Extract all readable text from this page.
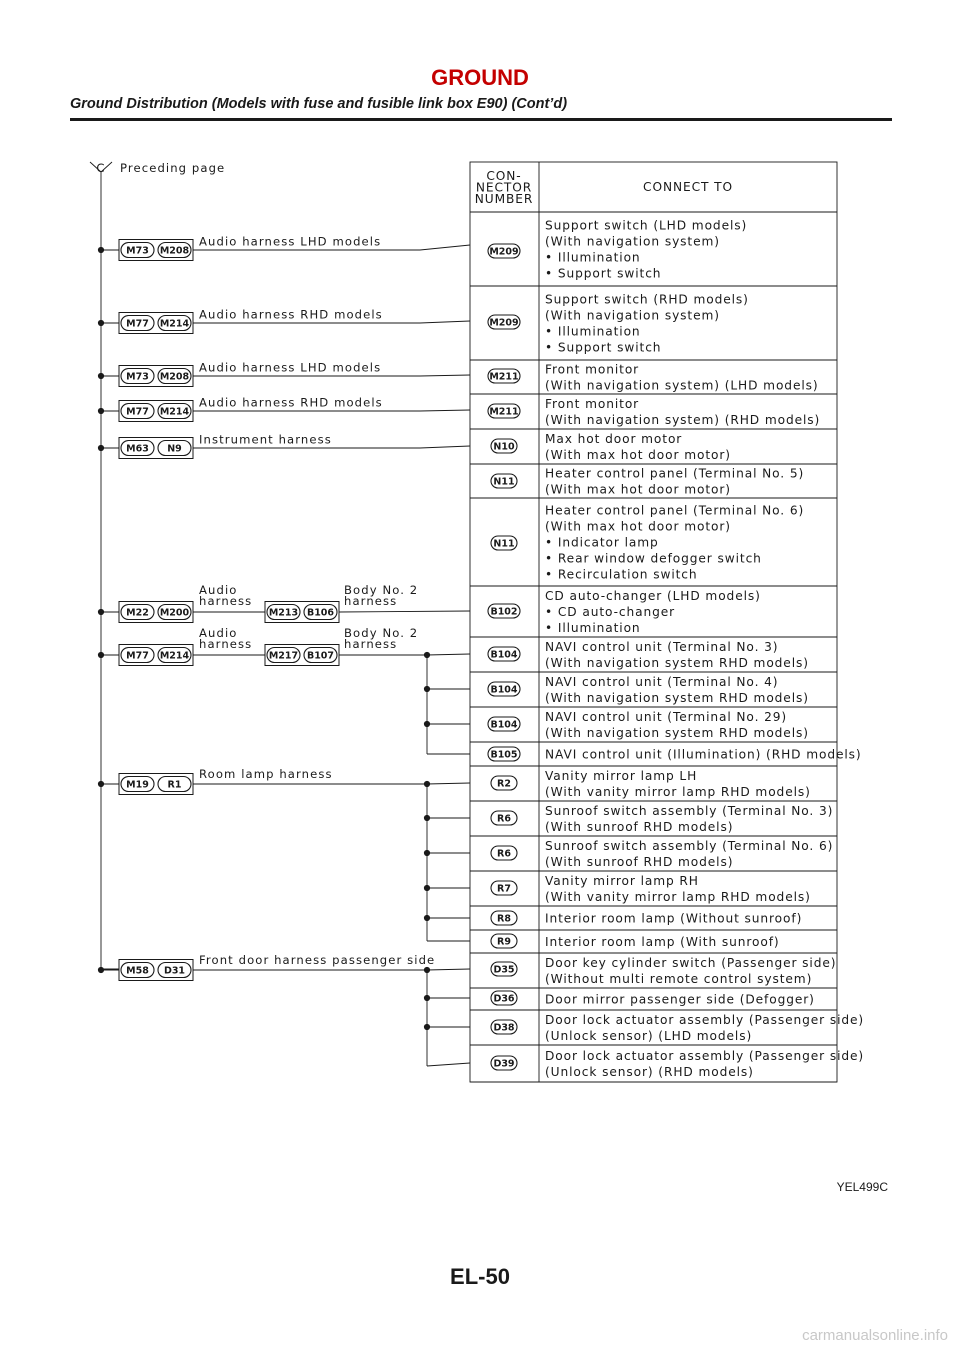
GROUND
Ground Distribution (Models with fuse and fusible link box E90) (Cont’d)
CON-
NECTOR
NUMBER
CONNECT TO
Support switch (LHD models)
(With navigation system)
• Illumination
• Support switch
Support switch (RHD models)
(With navigation system)
• Illumination
• Support switch
Front monitor
(With navigation system) (LHD models)
Front monitor
(With navigation system) (RHD models)
Max hot door motor
(With max hot door motor)
Heater control panel (Terminal No. 5)
(With max hot door motor)
Heater control panel (Terminal No. 6)
(With max hot door motor)
• Indicator lamp
• Rear window defogger switch
• Recirculation switch
CD auto-changer (LHD models)
• CD auto-changer
• Illumination
NAVI control unit (Terminal No. 3)
(With navigation system RHD models)
NAVI control unit (Terminal No. 4)
(With navigation system RHD models)
NAVI control unit (Terminal No. 29)
(With navigation system RHD models)
NAVI control unit (Illumination) (RHD models)
Vanity mirror lamp LH
(With vanity mirror lamp RHD models)
Sunroof switch assembly (Terminal No. 3)
(With sunroof RHD models)
Sunroof switch assembly (Terminal No. 6)
(With sunroof RHD models)
Vanity mirror lamp RH
(With vanity mirror lamp RHD models)
Interior room lamp (Without sunroof)
Interior room lamp (With sunroof)
Door key cylinder switch (Passenger side)
(Without multi remote control system)
Door mirror passenger side (Defogger)
Door lock actuator assembly (Passenger side)
(Unlock sensor) (LHD models)
Door lock actuator assembly (Passenger side)
(Unlock sensor) (RHD models)
C Preceding page
Audio harness LHD models
Audio harness RHD models
Audio harness LHD models
Audio harness RHD models
Instrument harness
Audio
harness
Body No. 2
harness
Audio
harness
Body No. 2
harness
Room lamp harness
Front door harness passenger side
M209
M209
M211
M211
N10
N11
N11
B102
B104
B104
B104
B105
R2
R6
R6
R7
R8
R9
D35
D36
D38
D39
M73 M208
M77 M214
M73 M208
M77 M214
M63 N9
M22 M200
M77 M214
M19 R1
M58 D31
M213 B106
M217 B107
YEL499C
EL-50
carmanualsonline.info
